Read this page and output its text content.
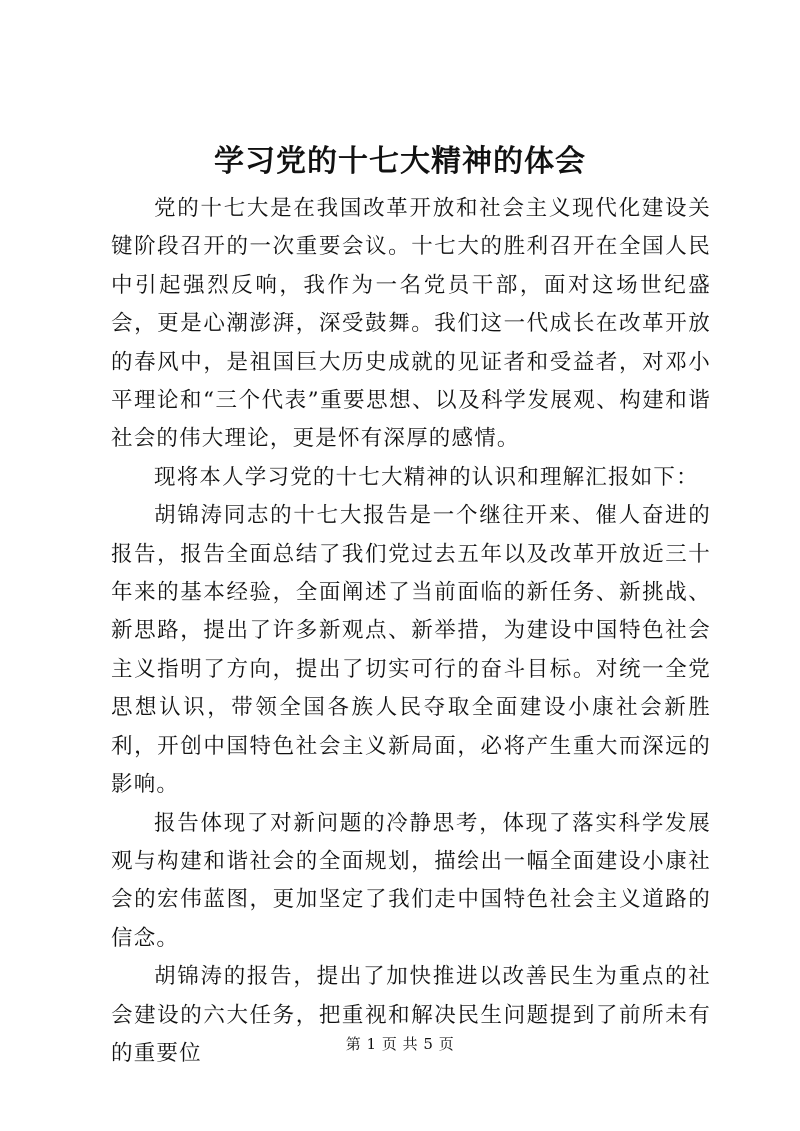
学习党的十七大精神的体会

党的十七大是在我国改革开放和社会主义现代化建设关键阶段召开的一次重要会议。十七大的胜利召开在全国人民中引起强烈反响，我作为一名党员干部，面对这场世纪盛会，更是心潮澎湃，深受鼓舞。我们这一代成长在改革开放的春风中，是祖国巨大历史成就的见证者和受益者，对邓小平理论和“三个代表”重要思想、以及科学发展观、构建和谐社会的伟大理论，更是怀有深厚的感情。

现将本人学习党的十七大精神的认识和理解汇报如下：

胡锦涛同志的十七大报告是一个继往开来、催人奋进的报告，报告全面总结了我们党过去五年以及改革开放近三十年来的基本经验，全面阐述了当前面临的新任务、新挑战、新思路，提出了许多新观点、新举措，为建设中国特色社会主义指明了方向，提出了切实可行的奋斗目标。对统一全党思想认识，带领全国各族人民夺取全面建设小康社会新胜利，开创中国特色社会主义新局面，必将产生重大而深远的影响。

报告体现了对新问题的冷静思考，体现了落实科学发展观与构建和谐社会的全面规划，描绘出一幅全面建设小康社会的宏伟蓝图，更加坚定了我们走中国特色社会主义道路的信念。

胡锦涛的报告，提出了加快推进以改善民生为重点的社会建设的六大任务，把重视和解决民生问题提到了前所未有的重要位	第 1 页 共 5 页
